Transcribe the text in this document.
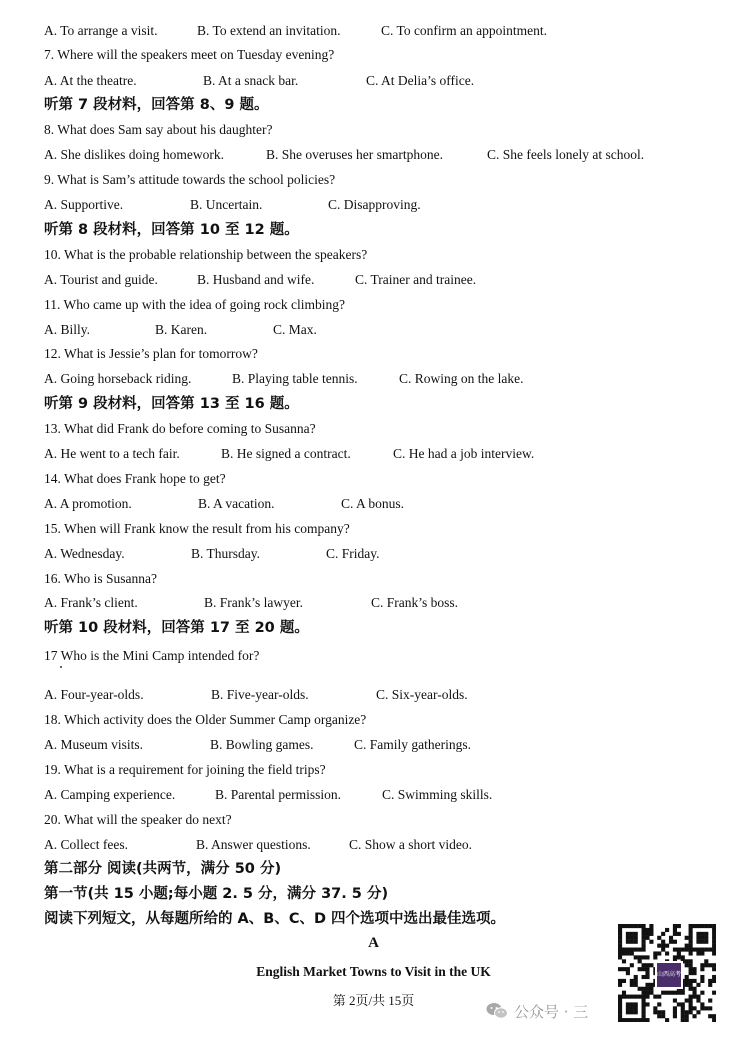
A. To arrange a visit.	B. To extend an invitation.	C. To confirm an appointment.
7. Where will the speakers meet on Tuesday evening?
A. At the theatre.	B. At a snack bar.	C. At Delia’s office.
听第 7 段材料，回答第 8、9 题。
8. What does Sam say about his daughter?
A. She dislikes doing homework.	B. She overuses her smartphone.	C. She feels lonely at school.
9. What is Sam’s attitude towards the school policies?
A. Supportive.	B. Uncertain.	C. Disapproving.
听第 8 段材料，回答第 10 至 12 题。
10. What is the probable relationship between the speakers?
A. Tourist and guide.	B. Husband and wife.	C. Trainer and trainee.
11. Who came up with the idea of going rock climbing?
A. Billy.	B. Karen.	C. Max.
12. What is Jessie’s plan for tomorrow?
A. Going horseback riding.	B. Playing table tennis.	C. Rowing on the lake.
听第 9 段材料，回答第 13 至 16 题。
13. What did Frank do before coming to Susanna?
A. He went to a tech fair.	B. He signed a contract.	C. He had a job interview.
14. What does Frank hope to get?
A. A promotion.	B. A vacation.	C. A bonus.
15. When will Frank know the result from his company?
A. Wednesday.	B. Thursday.	C. Friday.
16. Who is Susanna?
A. Frank’s client.	B. Frank’s lawyer.	C. Frank’s boss.
听第 10 段材料，回答第 17 至 20 题。
17 Who is the Mini Camp intended for?
A. Four-year-olds.	B. Five-year-olds.	C. Six-year-olds.
18. Which activity does the Older Summer Camp organize?
A. Museum visits.	B. Bowling games.	C. Family gatherings.
19. What is a requirement for joining the field trips?
A. Camping experience.	B. Parental permission.	C. Swimming skills.
20. What will the speaker do next?
A. Collect fees.	B. Answer questions.	C. Show a short video.
第二部分 阅读(共两节，满分 50 分)
第一节(共 15 小题;每小题 2. 5 分，满分 37. 5 分)
阅读下列短文，从每题所给的 A、B、C、D 四个选项中选出最佳选项。
A
English Market Towns to Visit in the UK
第 2页/共 15页
山西高考
公众号 · 三
